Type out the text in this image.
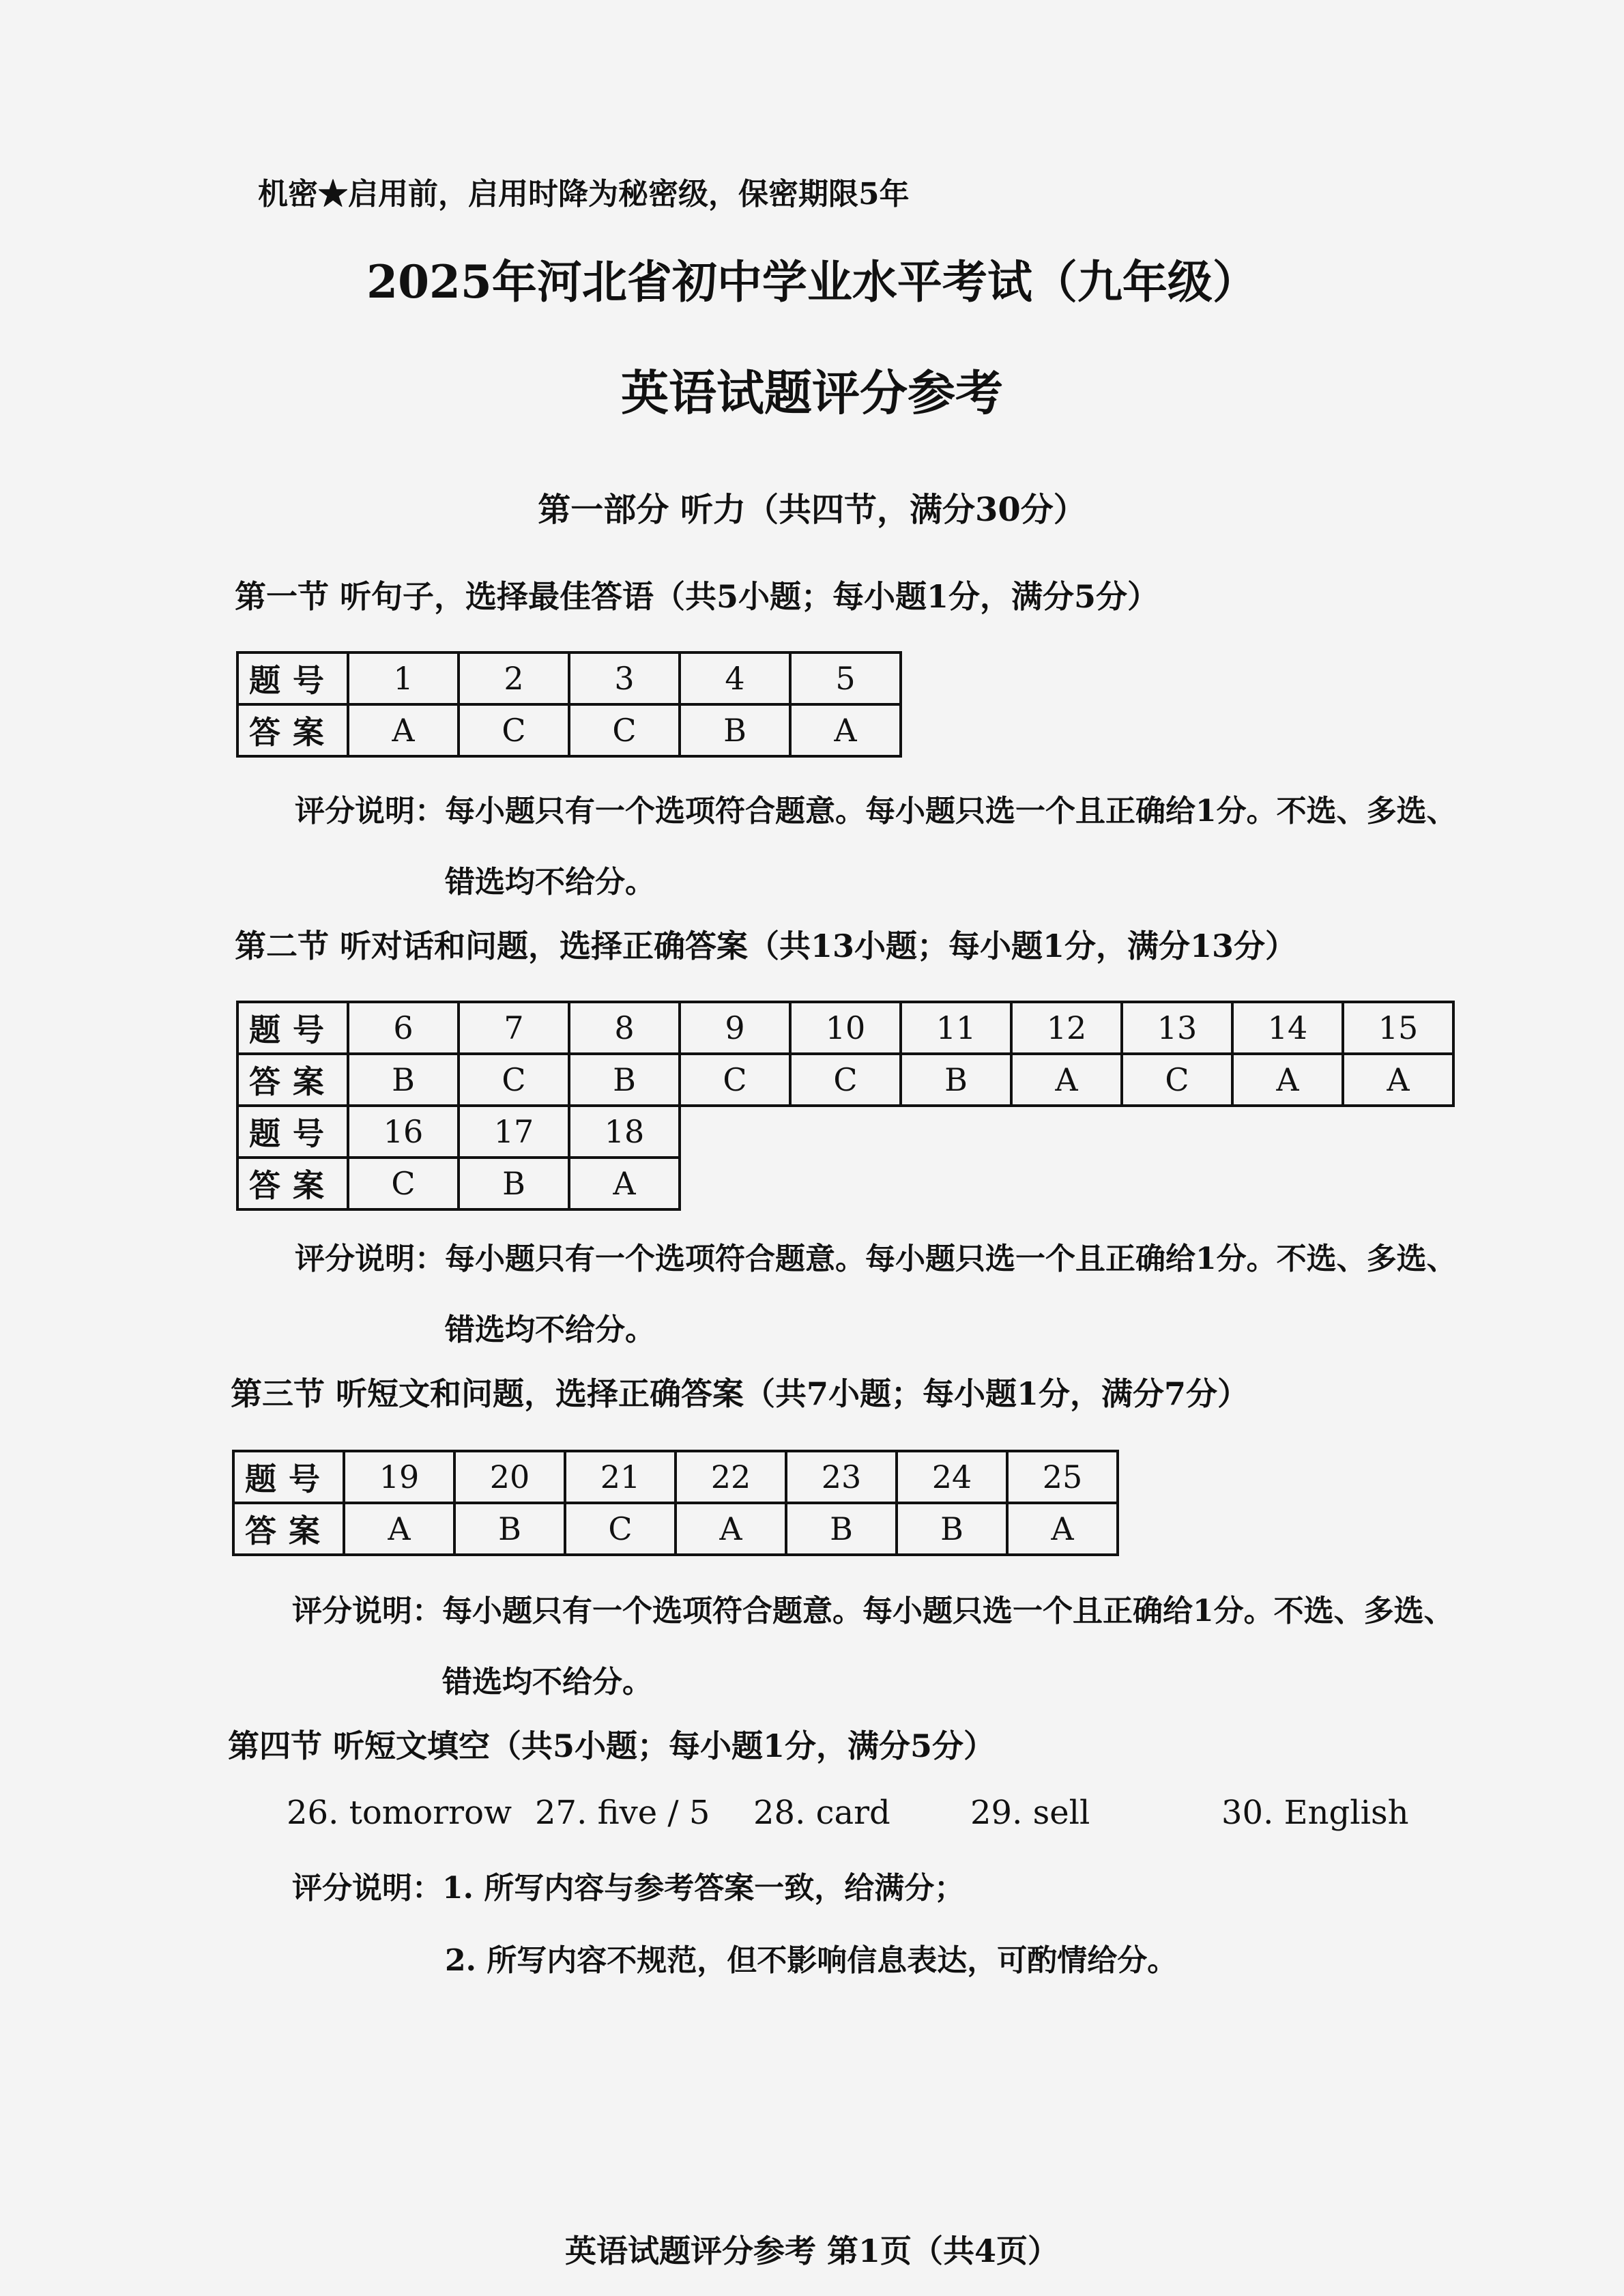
机密★启用前，启用时降为秘密级，保密期限5年
2025年河北省初中学业水平考试（九年级）
英语试题评分参考
第一部分 听力（共四节，满分30分）
第一节 听句子，选择最佳答语（共5小题；每小题1分，满分5分）
题号	1	2	3	4	5
答案	A	C	C	B	A
评分说明：每小题只有一个选项符合题意。每小题只选一个且正确给1分。不选、多选、
错选均不给分。
第二节 听对话和问题，选择正确答案（共13小题；每小题1分，满分13分）
题号	6	7	8	9	10	11	12	13	14	15
答案	B	C	B	C	C	B	A	C	A	A
题号	16	17	18							
答案	C	B	A							
评分说明：每小题只有一个选项符合题意。每小题只选一个且正确给1分。不选、多选、
错选均不给分。
第三节 听短文和问题，选择正确答案（共7小题；每小题1分，满分7分）
题号	19	20	21	22	23	24	25
答案	A	B	C	A	B	B	A
评分说明：每小题只有一个选项符合题意。每小题只选一个且正确给1分。不选、多选、
错选均不给分。
第四节 听短文填空（共5小题；每小题1分，满分5分）
26. tomorrow 27. five / 5 28. card 29. sell	30. English
评分说明：1. 所写内容与参考答案一致，给满分；
2. 所写内容不规范，但不影响信息表达，可酌情给分。
英语试题评分参考 第1页（共4页）
